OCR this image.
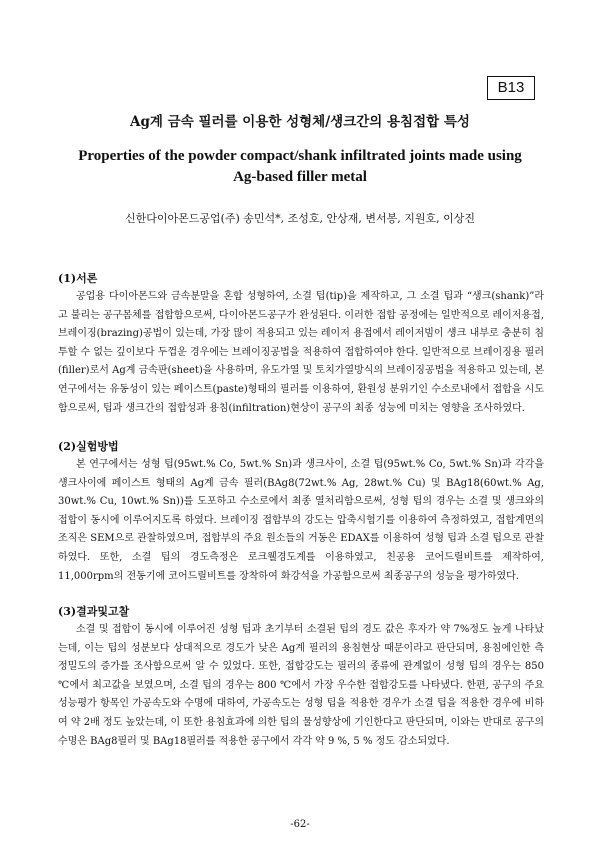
B13
Ag계 금속 필러를 이용한 성형체/섕크간의 용침접합 특성
Properties of the powder compact/shank infiltrated joints made using
Ag-based filler metal
신한다이아몬드공업(주) 송민석*, 조성호, 안상재, 변서봉, 지원호, 이상진

(1)서론

공업용 다이아몬드와 금속분말을 혼합 성형하여, 소결 팁(tip)을 제작하고, 그 소결 팁과 “생크(shank)”라고 불리는 공구몸체를 접합함으로써, 다이아몬드공구가 완성된다. 이러한 접합 공정에는 일반적으로 레이저용접, 브레이징(brazing)공법이 있는데, 가장 많이 적용되고 있는 레이저 용접에서 레이저빔이 섕크 내부로 충분히 침투할 수 없는 깊이보다 두껍운 경우에는 브레이징공법을 적용하여 접합하여야 한다. 일반적으로 브레이징용 필러(filler)로서 Ag계 금속판(sheet)을 사용하며, 유도가열 및 토치가열방식의 브레이징공법을 적용하고 있는데, 본 연구에서는 유동성이 있는 페이스트(paste)형태의 필러를 이용하여, 환원성 분위기인 수소로내에서 접합을 시도함으로써, 팁과 섕크간의 접합성과 용침(infiltration)현상이 공구의 최종 성능에 미치는 영향을 조사하였다.

(2)실험방법

본 연구에서는 성형 팁(95wt.% Co, 5wt.% Sn)과 섕크사이, 소결 팁(95wt.% Co, 5wt.% Sn)과 각각을 섕크사이에 페이스트 형태의 Ag계 금속 필러(BAg8(72wt.% Ag, 28wt.% Cu) 및 BAg18(60wt.% Ag, 30wt.% Cu, 10wt.% Sn))를 도포하고 수소로에서 최종 열처리함으로써, 성형 팁의 경우는 소결 및 섕크와의 접합이 동시에 이루어지도록 하였다. 브레이징 접합부의 강도는 압축시험기를 이용하여 측정하였고, 접합계면의 조직은 SEM으로 관찰하였으며, 접합부의 주요 원소들의 거동은 EDAX를 이용하여 성형 팁과 소결 팁으로 관찰하였다. 또한, 소결 팁의 경도측정은 로크웰경도계를 이용하였고, 친공용 코어드릴비트를 제작하여, 11,000rpm의 전동기에 코어드릴비트를 장착하여 화강석을 가공함으로써 최종공구의 성능을 평가하였다.

(3)결과및고찰

소결 및 접합이 동시에 이루어진 성형 팁과 초기부터 소결된 팁의 경도 값은 후자가 약 7%정도 높게 나타났는데, 이는 팁의 성분보다 상대적으로 경도가 낮은 Ag계 필러의 용침현상 때문이라고 판단되며, 용침에인한 측정밀도의 증가를 조사함으로써 알 수 있었다. 또한, 접합강도는 필러의 종류에 관계없이 성형 팁의 경우는 850 ℃에서 최고값을 보였으며, 소결 팁의 경우는 800 ℃에서 가장 우수한 접합강도를 나타냈다. 한편, 공구의 주요 성능평가 항목인 가공속도와 수명에 대하여, 가공속도는 성형 팁을 적용한 경우가 소결 팁을 적용한 경우에 비하여 약 2배 정도 높았는데, 이 또한 용침효과에 의한 팁의 물성향상에 기인한다고 판단되며, 이와는 반대로 공구의 수명은 BAg8필러 및 BAg18필러를 적용한 공구에서 각각 약 9 %, 5 % 정도 감소되었다.

-62-
